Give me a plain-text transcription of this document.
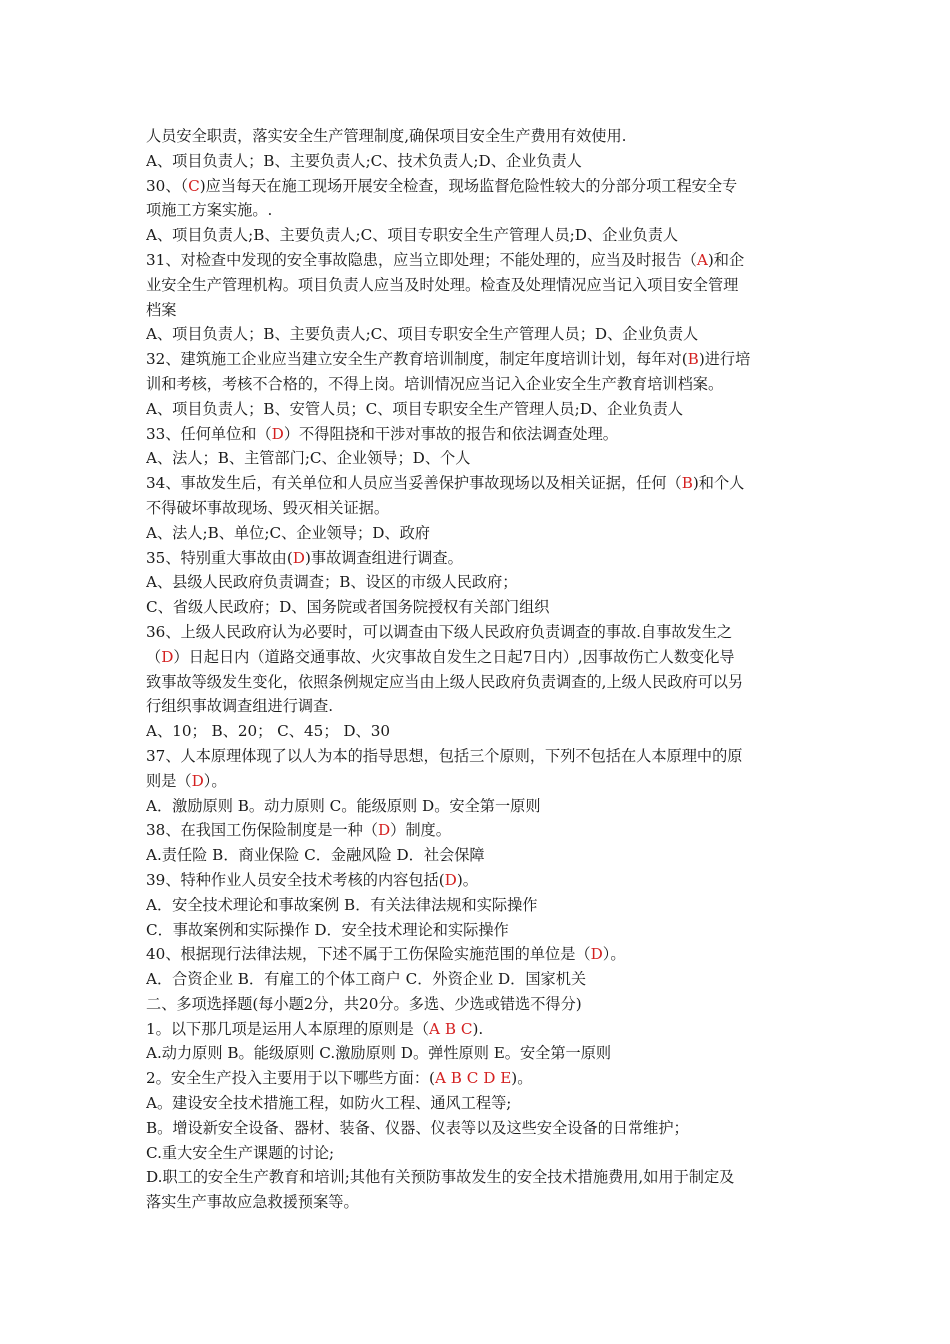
人员安全职责，落实安全生产管理制度,确保项目安全生产费用有效使用.
A、项目负责人；B、主要负责人;C、技术负责人;D、企业负责人
30、（C)应当每天在施工现场开展安全检查，现场监督危险性较大的分部分项工程安全专
项施工方案实施。.
A、项目负责人;B、主要负责人;C、项目专职安全生产管理人员;D、企业负责人
31、对检查中发现的安全事故隐患，应当立即处理；不能处理的，应当及时报告（A)和企
业安全生产管理机构。项目负责人应当及时处理。检查及处理情况应当记入项目安全管理
档案
A、项目负责人；B、主要负责人;C、项目专职安全生产管理人员；D、企业负责人
32、建筑施工企业应当建立安全生产教育培训制度，制定年度培训计划，每年对(B)进行培
训和考核，考核不合格的，不得上岗。培训情况应当记入企业安全生产教育培训档案。
A、项目负责人；B、安管人员；C、项目专职安全生产管理人员;D、企业负责人
33、任何单位和（D）不得阻挠和干涉对事故的报告和依法调查处理。
A、法人；B、主管部门;C、企业领导；D、个人
34、事故发生后，有关单位和人员应当妥善保护事故现场以及相关证据，任何（B)和个人
不得破坏事故现场、毁灭相关证据。
A、法人;B、单位;C、企业领导；D、政府
35、特别重大事故由(D)事故调查组进行调查。
A、县级人民政府负责调查；B、设区的市级人民政府；
C、省级人民政府；D、国务院或者国务院授权有关部门组织
36、上级人民政府认为必要时，可以调查由下级人民政府负责调查的事故.自事故发生之
（D）日起日内（道路交通事故、火灾事故自发生之日起7日内）,因事故伤亡人数变化导
致事故等级发生变化，依照条例规定应当由上级人民政府负责调查的,上级人民政府可以另
行组织事故调查组进行调查.
A、10； B、20； C、45； D、30
37、人本原理体现了以人为本的指导思想，包括三个原则，下列不包括在人本原理中的原
则是（D）。
A．激励原则 B。动力原则 C。能级原则 D。安全第一原则
38、在我国工伤保险制度是一种（D）制度。
A.责任险 B．商业保险 C．金融风险 D．社会保障
39、特种作业人员安全技术考核的内容包括(D)。
A．安全技术理论和事故案例 B．有关法律法规和实际操作
C．事故案例和实际操作 D．安全技术理论和实际操作
40、根据现行法律法规，下述不属于工伤保险实施范围的单位是（D）。
A．合资企业 B．有雇工的个体工商户 C．外资企业 D．国家机关
二、多项选择题(每小题2分，共20分。多选、少选或错选不得分)
1。以下那几项是运用人本原理的原则是（A B C).
A.动力原则 B。能级原则 C.激励原则 D。弹性原则 E。安全第一原则
2。安全生产投入主要用于以下哪些方面：(A B C D E)。
A。建设安全技术措施工程，如防火工程、通风工程等;
B。增设新安全设备、器材、装备、仪器、仪表等以及这些安全设备的日常维护；
C.重大安全生产课题的讨论;
D.职工的安全生产教育和培训;其他有关预防事故发生的安全技术措施费用,如用于制定及
落实生产事故应急救援预案等。
